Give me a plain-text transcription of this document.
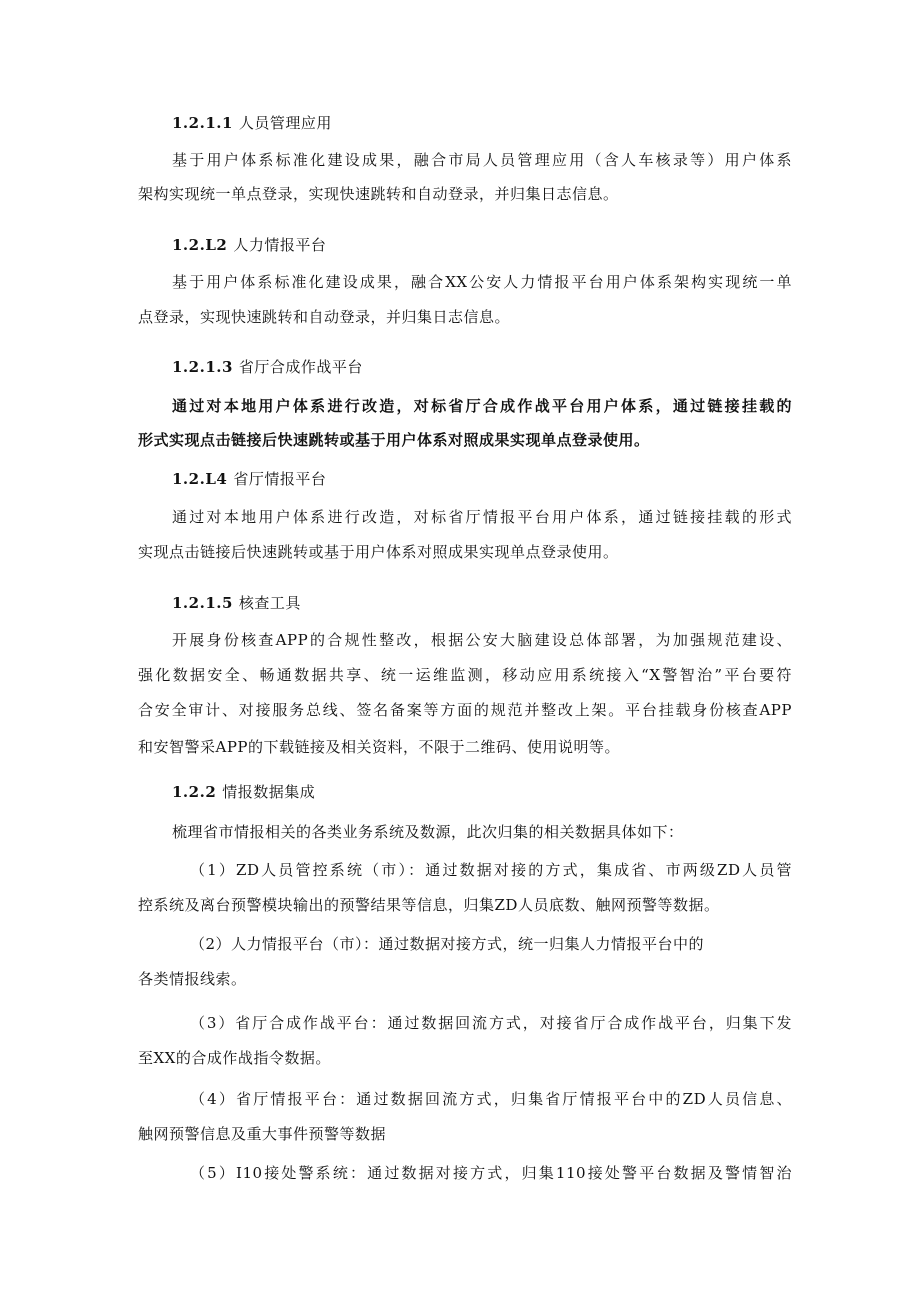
1.2.1.1 人员管理应用
基于用户体系标准化建设成果，融合市局人员管理应用（含人车核录等）用户体系
架构实现统一单点登录，实现快速跳转和自动登录，并归集日志信息。
1.2.L2 人力情报平台
基于用户体系标准化建设成果，融合XX公安人力情报平台用户体系架构实现统一单
点登录，实现快速跳转和自动登录，并归集日志信息。
1.2.1.3 省厅合成作战平台
通过对本地用户体系进行改造，对标省厅合成作战平台用户体系，通过链接挂载的
形式实现点击链接后快速跳转或基于用户体系对照成果实现单点登录使用。
1.2.L4 省厅情报平台
通过对本地用户体系进行改造，对标省厅情报平台用户体系，通过链接挂载的形式
实现点击链接后快速跳转或基于用户体系对照成果实现单点登录使用。
1.2.1.5 核查工具
开展身份核查APP的合规性整改，根据公安大脑建设总体部署，为加强规范建设、
强化数据安全、畅通数据共享、统一运维监测，移动应用系统接入“X警智治”平台要符
合安全审计、对接服务总线、签名备案等方面的规范并整改上架。平台挂载身份核查APP
和安智警采APP的下载链接及相关资料，不限于二维码、使用说明等。
1.2.2 情报数据集成
梳理省市情报相关的各类业务系统及数源，此次归集的相关数据具体如下：
（1）ZD人员管控系统（市）：通过数据对接的方式，集成省、市两级ZD人员管
控系统及离台预警模块输出的预警结果等信息，归集ZD人员底数、触网预警等数据。
（2）人力情报平台（市）：通过数据对接方式，统一归集人力情报平台中的
各类情报线索。
（3）省厅合成作战平台：通过数据回流方式，对接省厅合成作战平台，归集下发
至XX的合成作战指令数据。
（4）省厅情报平台：通过数据回流方式，归集省厅情报平台中的ZD人员信息、
触网预警信息及重大事件预警等数据
（5）I10接处警系统：通过数据对接方式，归集110接处警平台数据及警情智治
